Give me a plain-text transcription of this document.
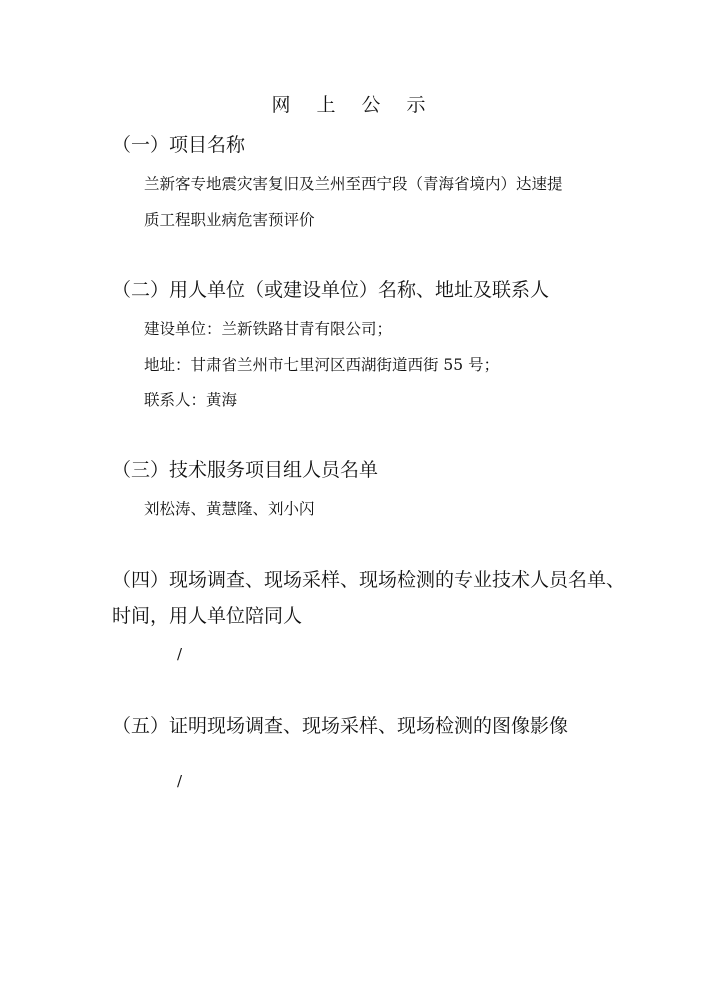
网 上 公 示
（一）项目名称
兰新客专地震灾害复旧及兰州至西宁段（青海省境内）达速提
质工程职业病危害预评价
（二）用人单位（或建设单位）名称、地址及联系人
建设单位：兰新铁路甘青有限公司；
地址：甘肃省兰州市七里河区西湖街道西街 55 号；
联系人：黄海
（三）技术服务项目组人员名单
刘松涛、黄慧隆、刘小闪
（四）现场调查、现场采样、现场检测的专业技术人员名单、
时间，用人单位陪同人
/
（五）证明现场调查、现场采样、现场检测的图像影像
/
